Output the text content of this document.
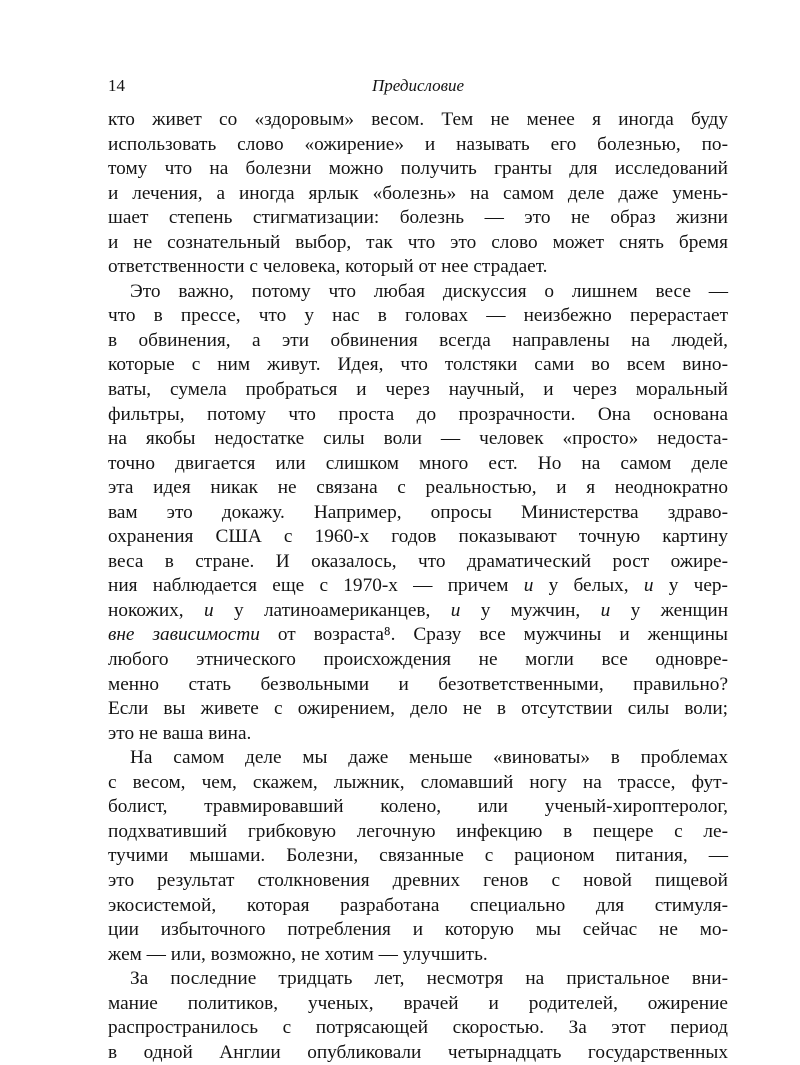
14	Предисловие
кто живет со «здоровым» весом. Тем не менее я иногда буду
использовать слово «ожирение» и называть его болезнью, по-
тому что на болезни можно получить гранты для исследований
и лечения, а иногда ярлык «болезнь» на самом деле даже умень-
шает степень стигматизации: болезнь — это не образ жизни
и не сознательный выбор, так что это слово может снять бремя
ответственности с человека, который от нее страдает.
Это важно, потому что любая дискуссия о лишнем весе —
что в прессе, что у нас в головах — неизбежно перерастает
в обвинения, а эти обвинения всегда направлены на людей,
которые с ним живут. Идея, что толстяки сами во всем вино-
ваты, сумела пробраться и через научный, и через моральный
фильтры, потому что проста до прозрачности. Она основана
на якобы недостатке силы воли — человек «просто» недоста-
точно двигается или слишком много ест. Но на самом деле
эта идея никак не связана с реальностью, и я неоднократно
вам это докажу. Например, опросы Министерства здраво-
охранения США с 1960-х годов показывают точную картину
веса в стране. И оказалось, что драматический рост ожире-
ния наблюдается еще с 1970-х — причем и у белых, и у чер-
нокожих, и у латиноамериканцев, и у мужчин, и у женщин
вне зависимости от возраста⁸. Сразу все мужчины и женщины
любого этнического происхождения не могли все одновре-
менно стать безвольными и безответственными, правильно?
Если вы живете с ожирением, дело не в отсутствии силы воли;
это не ваша вина.
На самом деле мы даже меньше «виноваты» в проблемах
с весом, чем, скажем, лыжник, сломавший ногу на трассе, фут-
болист, травмировавший колено, или ученый-хироптеролог,
подхвативший грибковую легочную инфекцию в пещере с ле-
тучими мышами. Болезни, связанные с рационом питания, —
это результат столкновения древних генов с новой пищевой
экосистемой, которая разработана специально для стимуля-
ции избыточного потребления и которую мы сейчас не мо-
жем — или, возможно, не хотим — улучшить.
За последние тридцать лет, несмотря на пристальное вни-
мание политиков, ученых, врачей и родителей, ожирение
распространилось с потрясающей скоростью. За этот период
в одной Англии опубликовали четырнадцать государственных
